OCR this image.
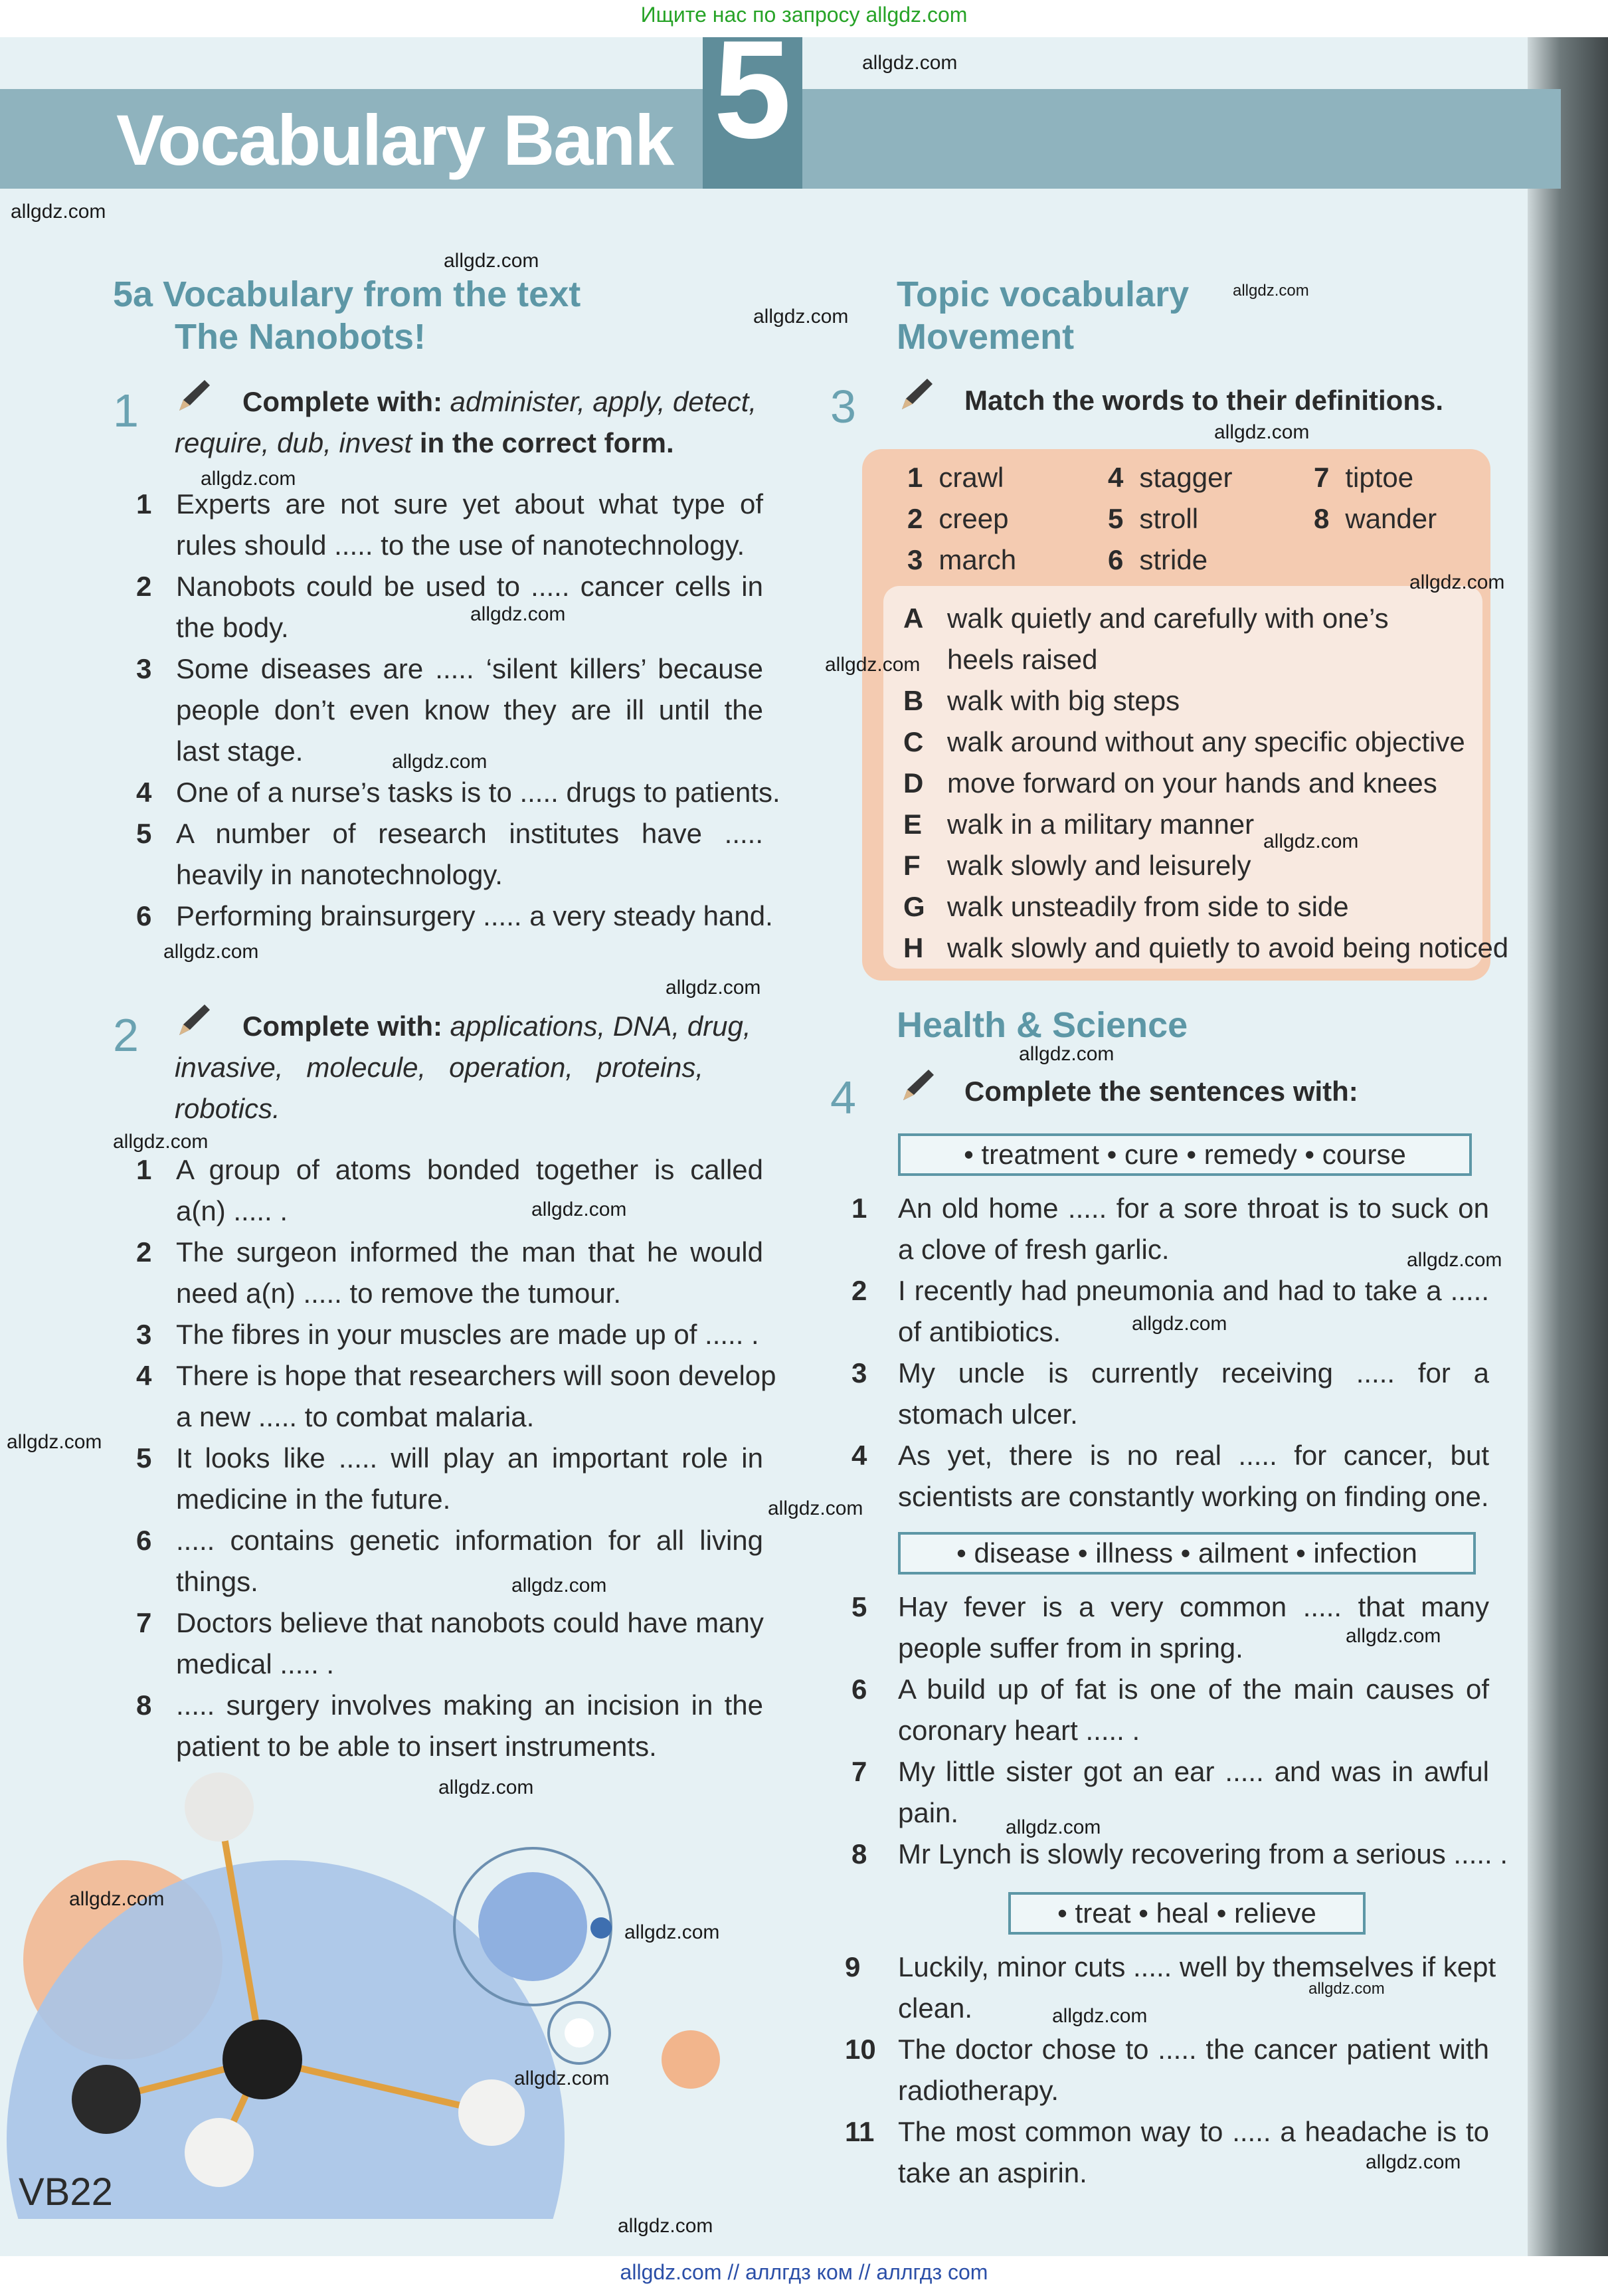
Ищите нас по запросу allgdz.com
Vocabulary Bank 5
5a Vocabulary from the text
The Nanobots!
1	Complete with: administer, apply, detect,
require, dub, invest in the correct form.
1 Experts are not sure yet about what type of
rules should ..... to the use of nanotechnology.
2 Nanobots could be used to ..... cancer cells in
the body.
3 Some diseases are ..... ‘silent killers’ because
people don’t even know they are ill until the
last stage.
4 One of a nurse’s tasks is to ..... drugs to patients.
5 A number of research institutes have .....
heavily in nanotechnology.
6 Performing brainsurgery ..... a very steady hand.
2	Complete with: applications, DNA, drug,
invasive,   molecule,   operation,   proteins,
robotics.
1 A group of atoms bonded together is called
a(n) ..... .
2 The surgeon informed the man that he would
need a(n) ..... to remove the tumour.
3 The fibres in your muscles are made up of ..... .
4 There is hope that researchers will soon develop
a new ..... to combat malaria.
5 It looks like ..... will play an important role in
medicine in the future.
6 ..... contains genetic information for all living
things.
7 Doctors believe that nanobots could have many
medical ..... .
8 ..... surgery involves making an incision in the
patient to be able to insert instruments.
VB22
Topic vocabulary
Movement
3	Match the words to their definitions.
1 crawl	4 stagger	7 tiptoe
2 creep	5 stroll	8 wander
3 march	6 stride
A walk quietly and carefully with one’s
heels raised
B walk with big steps
C walk around without any specific objective
D move forward on your hands and knees
E walk in a military manner
F walk slowly and leisurely
G walk unsteadily from side to side
H walk slowly and quietly to avoid being noticed
Health & Science
4	Complete the sentences with:
• treatment • cure • remedy • course
1 An old home ..... for a sore throat is to suck on
a clove of fresh garlic.
2 I recently had pneumonia and had to take a .....
of antibiotics.
3 My uncle is currently receiving ..... for a
stomach ulcer.
4 As yet, there is no real ..... for cancer, but
scientists are constantly working on finding one.
• disease • illness • ailment • infection
5 Hay fever is a very common ..... that many
people suffer from in spring.
6 A build up of fat is one of the main causes of
coronary heart ..... .
7 My little sister got an ear ..... and was in awful
pain.
8 Mr Lynch is slowly recovering from a serious ..... .
• treat • heal • relieve
9 Luckily, minor cuts ..... well by themselves if kept
clean.
10 The doctor chose to ..... the cancer patient with
radiotherapy.
11 The most common way to ..... a headache is to
take an aspirin.
allgdz.com
allgdz.com
allgdz.com
allgdz.com
allgdz.com
allgdz.com
allgdz.com
allgdz.com
allgdz.com
allgdz.com
allgdz.com
allgdz.com
allgdz.com
allgdz.com
allgdz.com
allgdz.com
allgdz.com
allgdz.com
allgdz.com
allgdz.com
allgdz.com
allgdz.com
allgdz.com
allgdz.com
allgdz.com
allgdz.com
allgdz.com
allgdz.com
allgdz.com
allgdz.com
allgdz.com
allgdz.com
allgdz.com // аллгдз ком // аллгдз com
